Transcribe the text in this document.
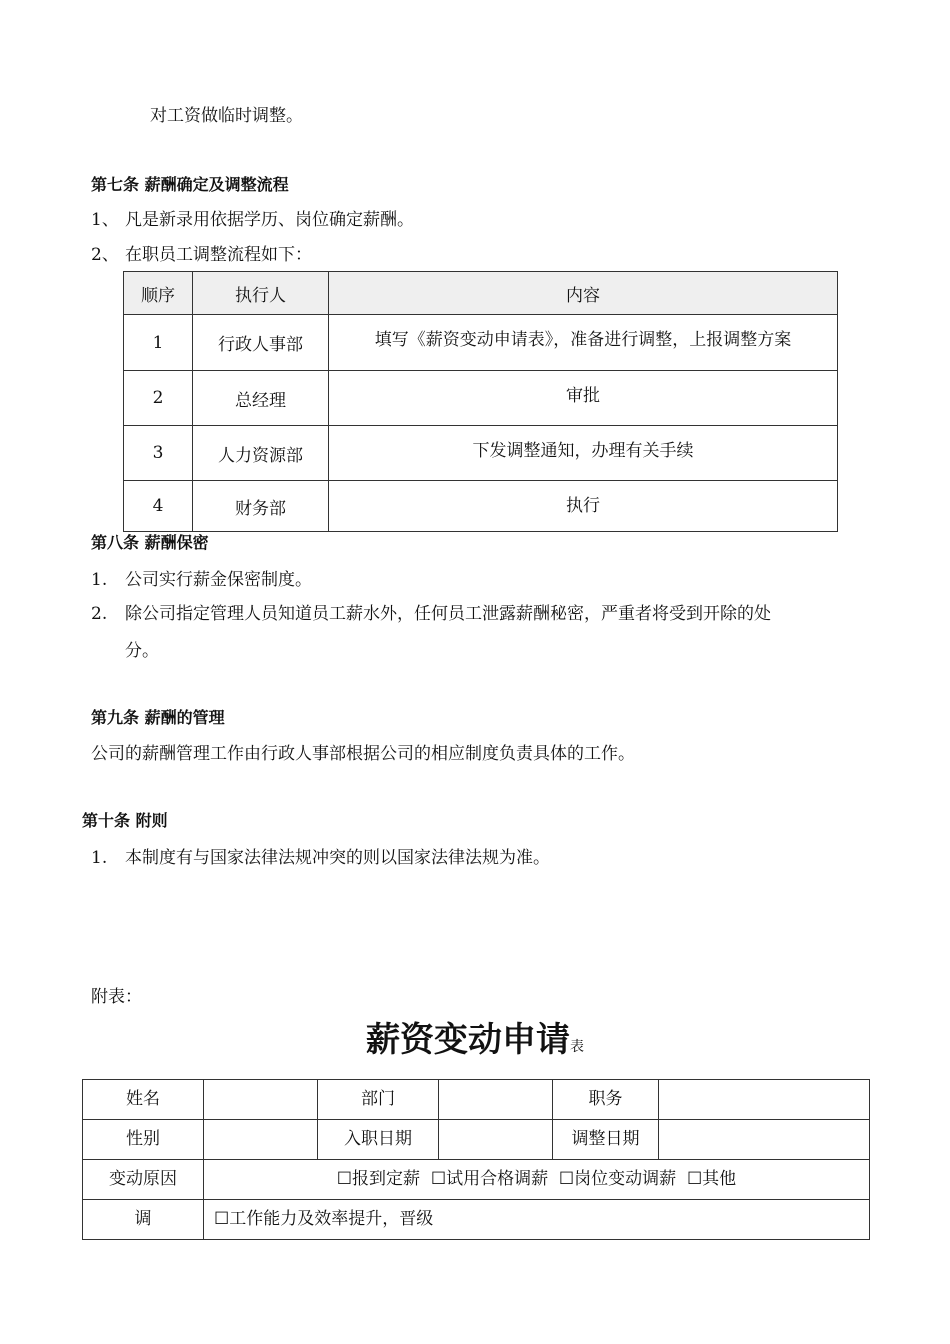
对工资做临时调整。
第七条 薪酬确定及调整流程
1、 凡是新录用依据学历、岗位确定薪酬。
2、 在职员工调整流程如下：
顺序	执行人	内容
1	行政人事部	填写《薪资变动申请表》，准备进行调整，上报调整方案
2	总经理	审批
3	人力资源部	下发调整通知，办理有关手续
4	财务部	执行
第八条 薪酬保密
1. 公司实行薪金保密制度。
2. 除公司指定管理人员知道员工薪水外，任何员工泄露薪酬秘密，严重者将受到开除的处
分。
第九条 薪酬的管理
公司的薪酬管理工作由行政人事部根据公司的相应制度负责具体的工作。
第十条 附则
1. 本制度有与国家法律法规冲突的则以国家法律法规为准。
附表：
薪资变动申请表
姓名		部门		职务	
性别		入职日期		调整日期	
变动原因	☐报到定薪  ☐试用合格调薪  ☐岗位变动调薪  ☐其他				
调	☐工作能力及效率提升，晋级				
